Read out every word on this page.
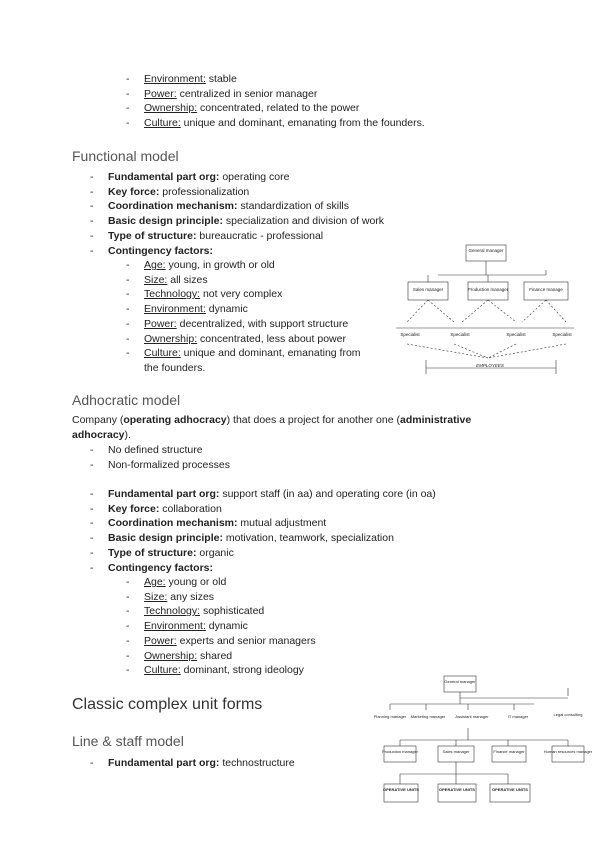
- Environment: stable
- Power: centralized in senior manager
- Ownership: concentrated, related to the power
- Culture: unique and dominant, emanating from the founders.
Functional model
- Fundamental part org: operating core
- Key force: professionalization
- Coordination mechanism: standardization of skills
- Basic design principle: specialization and division of work
- Type of structure: bureaucratic - professional
- Contingency factors:
- Age: young, in growth or old
- Size: all sizes
- Technology: not very complex
- Environment: dynamic
- Power: decentralized, with support structure
- Ownership: concentrated, less about power
- Culture: unique and dominant, emanating from the founders.
General manager
Sales manager	Production manager	Finance manage
Specialist	Specialist	Specialist	Specialist
EMPLOYEES
Adhocratic model
Company (operating adhocracy) that does a project for another one (administrative adhocracy).
- No defined structure
- Non-formalized processes
- Fundamental part org: support staff (in aa) and operating core (in oa)
- Key force: collaboration
- Coordination mechanism: mutual adjustment
- Basic design principle: motivation, teamwork, specialization
- Type of structure: organic
- Contingency factors:
- Age: young or old
- Size: any sizes
- Technology: sophisticated
- Environment: dynamic
- Power: experts and senior managers
- Ownership: shared
- Culture: dominant, strong ideology
Classic complex unit forms
Line & staff model
- Fundamental part org: technostructure
General manager
Legal consulting
Planning manager Marketing manager	Assistant manager	IT manager
Production manager	Sales manager	Finance manager	Human resources manager
OPERATIVE UNITS	OPERATIVE UNITS	OPERATIVE UNITS
